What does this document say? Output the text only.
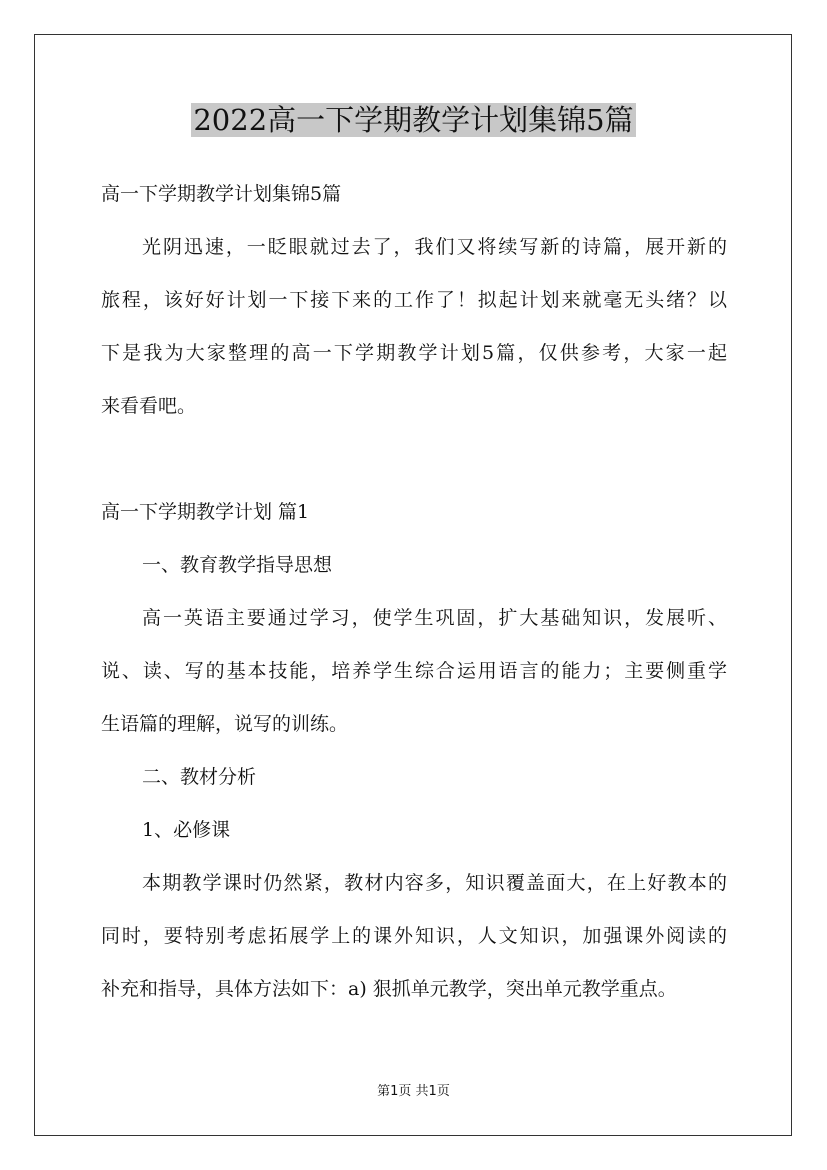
2022高一下学期教学计划集锦5篇
高一下学期教学计划集锦5篇
光阴迅速，一眨眼就过去了，我们又将续写新的诗篇，展开新的
旅程，该好好计划一下接下来的工作了！拟起计划来就毫无头绪？以
下是我为大家整理的高一下学期教学计划5篇，仅供参考，大家一起
来看看吧。
高一下学期教学计划 篇1
一、教育教学指导思想
高一英语主要通过学习，使学生巩固，扩大基础知识，发展听、
说、读、写的基本技能，培养学生综合运用语言的能力；主要侧重学
生语篇的理解，说写的训练。
二、教材分析
1、必修课
本期教学课时仍然紧，教材内容多，知识覆盖面大，在上好教本的
同时，要特别考虑拓展学上的课外知识，人文知识，加强课外阅读的
补充和指导，具体方法如下：a) 狠抓单元教学，突出单元教学重点。
第1页 共1页
